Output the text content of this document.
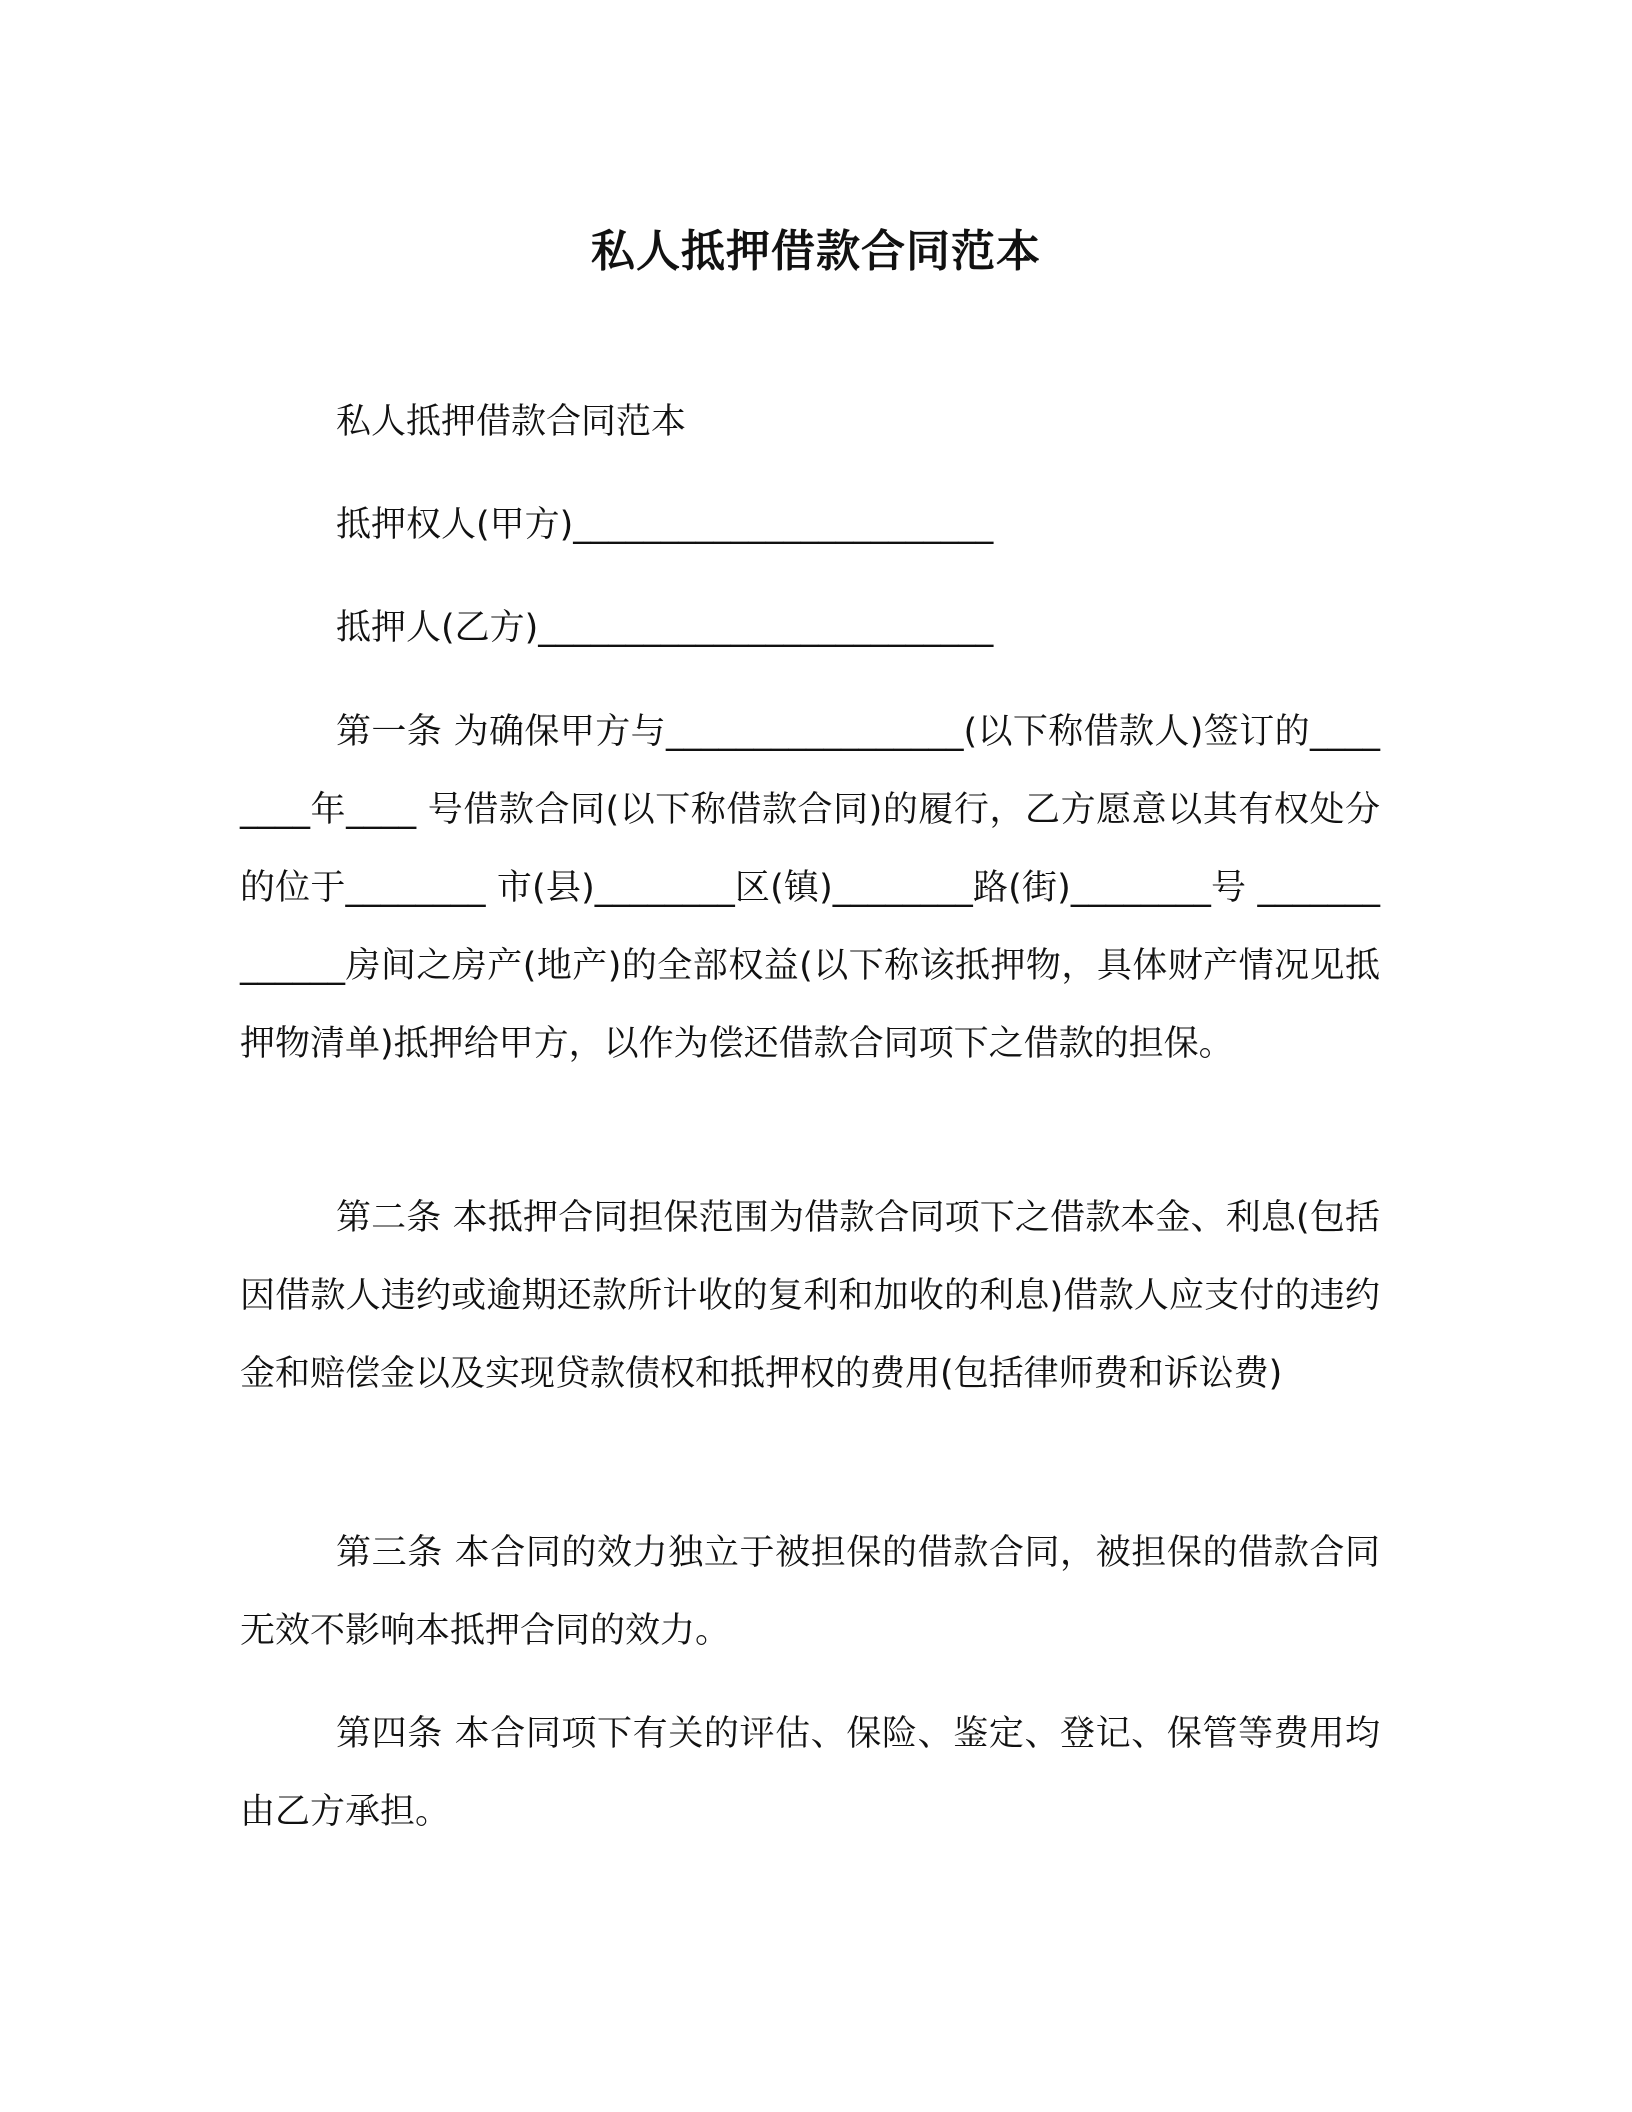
私人抵押借款合同范本

私人抵押借款合同范本

抵押权人(甲方)________________________

抵押人(乙方)__________________________

第一条 为确保甲方与_________________(以下称借款人)签订的________年____ 号借款合同(以下称借款合同)的履行，乙方愿意以其有权处分的位于________ 市(县)________区(镇)________路(街)________号 _____________房间之房产(地产)的全部权益(以下称该抵押物，具体财产情况见抵押物清单)抵押给甲方，以作为偿还借款合同项下之借款的担保。

第二条 本抵押合同担保范围为借款合同项下之借款本金、利息(包括因借款人违约或逾期还款所计收的复利和加收的利息)借款人应支付的违约金和赔偿金以及实现贷款债权和抵押权的费用(包括律师费和诉讼费)

第三条 本合同的效力独立于被担保的借款合同，被担保的借款合同无效不影响本抵押合同的效力。

第四条 本合同项下有关的评估、保险、鉴定、登记、保管等费用均由乙方承担。
